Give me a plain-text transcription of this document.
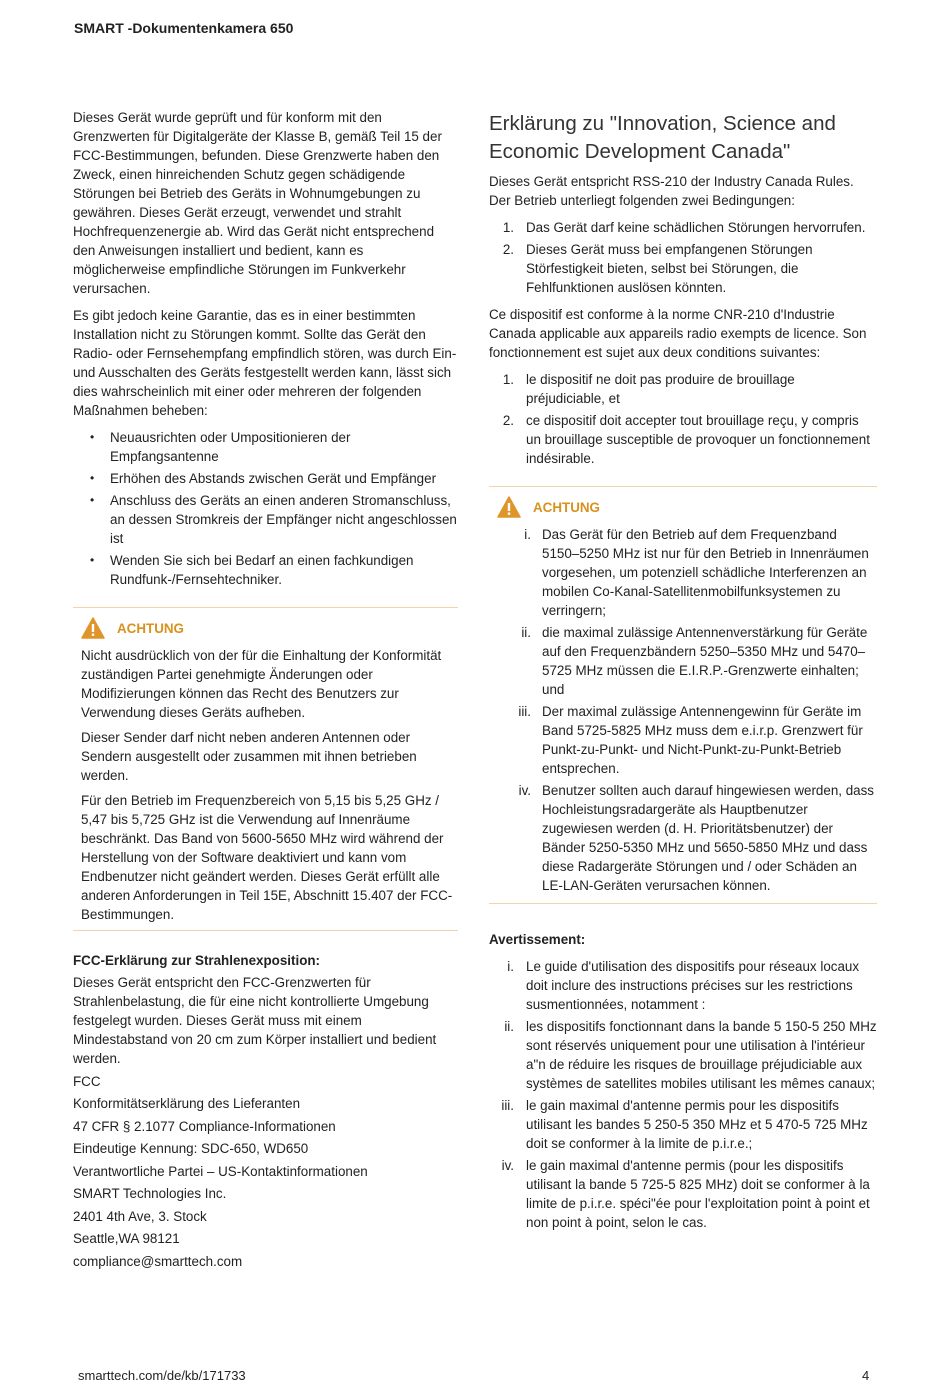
SMART -Dokumentenkamera 650

Dieses Gerät wurde geprüft und für konform mit den Grenzwerten für Digitalgeräte der Klasse B, gemäß Teil 15 der FCC-Bestimmungen, befunden. Diese Grenzwerte haben den Zweck, einen hinreichenden Schutz gegen schädigende Störungen bei Betrieb des Geräts in Wohnumgebungen zu gewähren. Dieses Gerät erzeugt, verwendet und strahlt Hochfrequenzenergie ab. Wird das Gerät nicht entsprechend den Anweisungen installiert und bedient, kann es möglicherweise empfindliche Störungen im Funkverkehr verursachen.

Es gibt jedoch keine Garantie, das es in einer bestimmten Installation nicht zu Störungen kommt. Sollte das Gerät den Radio- oder Fernsehempfang empfindlich stören, was durch Ein- und Ausschalten des Geräts festgestellt werden kann, lässt sich dies wahrscheinlich mit einer oder mehreren der folgenden Maßnahmen beheben:

• Neuausrichten oder Umpositionieren der Empfangsantenne
• Erhöhen des Abstands zwischen Gerät und Empfänger
• Anschluss des Geräts an einen anderen Stromanschluss, an dessen Stromkreis der Empfänger nicht angeschlossen ist
• Wenden Sie sich bei Bedarf an einen fachkundigen Rundfunk-/Fernsehtechniker.
ACHTUNG

Nicht ausdrücklich von der für die Einhaltung der Konformität zuständigen Partei genehmigte Änderungen oder Modifizierungen können das Recht des Benutzers zur Verwendung dieses Geräts aufheben.

Dieser Sender darf nicht neben anderen Antennen oder Sendern ausgestellt oder zusammen mit ihnen betrieben werden.

Für den Betrieb im Frequenzbereich von 5,15 bis 5,25 GHz / 5,47 bis 5,725 GHz ist die Verwendung auf Innenräume beschränkt. Das Band von 5600-5650 MHz wird während der Herstellung von der Software deaktiviert und kann vom Endbenutzer nicht geändert werden. Dieses Gerät erfüllt alle anderen Anforderungen in Teil 15E, Abschnitt 15.407 der FCC-Bestimmungen.

FCC-Erklärung zur Strahlenexposition:

Dieses Gerät entspricht den FCC-Grenzwerten für Strahlenbelastung, die für eine nicht kontrollierte Umgebung festgelegt wurden. Dieses Gerät muss mit einem Mindestabstand von 20 cm zum Körper installiert und bedient werden.

FCC

Konformitätserklärung des Lieferanten

47 CFR § 2.1077 Compliance-Informationen

Eindeutige Kennung: SDC-650, WD650

Verantwortliche Partei – US-Kontaktinformationen

SMART Technologies Inc.

2401 4th Ave, 3. Stock

Seattle,WA 98121

compliance@smarttech.com

Erklärung zu "Innovation, Science and Economic Development Canada"

Dieses Gerät entspricht RSS-210 der Industry Canada Rules. Der Betrieb unterliegt folgenden zwei Bedingungen:

1. Das Gerät darf keine schädlichen Störungen hervorrufen.
2. Dieses Gerät muss bei empfangenen Störungen Störfestigkeit bieten, selbst bei Störungen, die Fehlfunktionen auslösen könnten.

Ce dispositif est conforme à la norme CNR-210 d'Industrie Canada applicable aux appareils radio exempts de licence. Son fonctionnement est sujet aux deux conditions suivantes:

1. le dispositif ne doit pas produire de brouillage préjudiciable, et
2. ce dispositif doit accepter tout brouillage reçu, y compris un brouillage susceptible de provoquer un fonctionnement indésirable.
ACHTUNG
i. Das Gerät für den Betrieb auf dem Frequenzband 5150–5250 MHz ist nur für den Betrieb in Innenräumen vorgesehen, um potenziell schädliche Interferenzen an mobilen Co-Kanal-Satellitenmobilfunksystemen zu verringern;
ii. die maximal zulässige Antennenverstärkung für Geräte auf den Frequenzbändern 5250–5350 MHz und 5470–5725 MHz müssen die E.I.R.P.-Grenzwerte einhalten; und
iii. Der maximal zulässige Antennengewinn für Geräte im Band 5725-5825 MHz muss dem e.i.r.p. Grenzwert für Punkt-zu-Punkt- und Nicht-Punkt-zu-Punkt-Betrieb entsprechen.
iv. Benutzer sollten auch darauf hingewiesen werden, dass Hochleistungsradargeräte als Hauptbenutzer zugewiesen werden (d. H. Prioritätsbenutzer) der Bänder 5250-5350 MHz und 5650-5850 MHz und dass diese Radargeräte Störungen und / oder Schäden an LE-LAN-Geräten verursachen können.
Avertissement:
i. Le guide d'utilisation des dispositifs pour réseaux locaux doit inclure des instructions précises sur les restrictions susmentionnées, notamment :
ii. les dispositifs fonctionnant dans la bande 5 150-5 250 MHz sont réservés uniquement pour une utilisation à l'intérieur a"n de réduire les risques de brouillage préjudiciable aux systèmes de satellites mobiles utilisant les mêmes canaux;
iii. le gain maximal d'antenne permis pour les dispositifs utilisant les bandes 5 250-5 350 MHz et 5 470-5 725 MHz doit se conformer à la limite de p.i.r.e.;
iv. le gain maximal d'antenne permis (pour les dispositifs utilisant la bande 5 725-5 825 MHz) doit se conformer à la limite de p.i.r.e. spéci"ée pour l'exploitation point à point et non point à point, selon le cas.
smarttech.com/de/kb/171733	4
